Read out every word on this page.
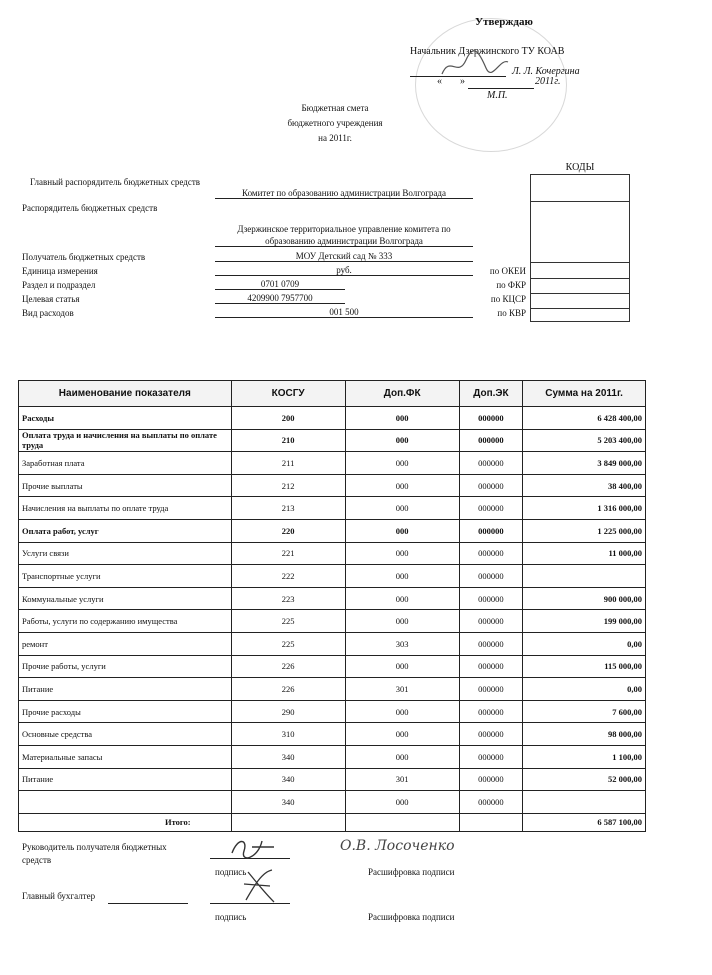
Утверждаю
Начальник Дзержинского ТУ КОАВ
Л. Л. Кочергина
« »	2011г.
М.П.
Бюджетная смета
бюджетного учреждения
на 2011г.
КОДЫ
Главный распорядитель бюджетных средств
Комитет по образованию администрации Волгограда
Распорядитель бюджетных средств
Дзержинское территориальное управление комитета по
образованию администрации Волгограда
Получатель бюджетных средств	МОУ Детский сад № 333
Единица измерения	руб.	по ОКЕИ
Раздел и подраздел	0701 0709	по ФКР
Целевая статья	4209900 7957700	по КЦСР
Вид расходов	001 500	по КВР
Наименование показателя	КОСГУ	Доп.ФК	Доп.ЭК	Сумма на 2011г.
Расходы	200	000	000000	6 428 400,00
Оплата труда и начисления на выплаты по оплате труда	210	000	000000	5 203 400,00
Заработная плата	211	000	000000	3 849 000,00
Прочие выплаты	212	000	000000	38 400,00
Начисления на выплаты по оплате труда	213	000	000000	1 316 000,00
Оплата работ, услуг	220	000	000000	1 225 000,00
Услуги связи	221	000	000000	11 000,00
Транспортные услуги	222	000	000000	
Коммунальные услуги	223	000	000000	900 000,00
Работы, услуги по содержанию имущества	225	000	000000	199 000,00
ремонт	225	303	000000	0,00
Прочие работы, услуги	226	000	000000	115 000,00
Питание	226	301	000000	0,00
Прочие расходы	290	000	000000	7 600,00
Основные средства	310	000	000000	98 000,00
Материальные запасы	340	000	000000	1 100,00
Питание	340	301	000000	52 000,00
	340	000	000000	
Итого:				6 587 100,00
Руководитель получателя бюджетных
средств
О.В. Лосоченко
подпись	Расшифровка подписи
Главный бухгалтер
подпись	Расшифровка подписи
